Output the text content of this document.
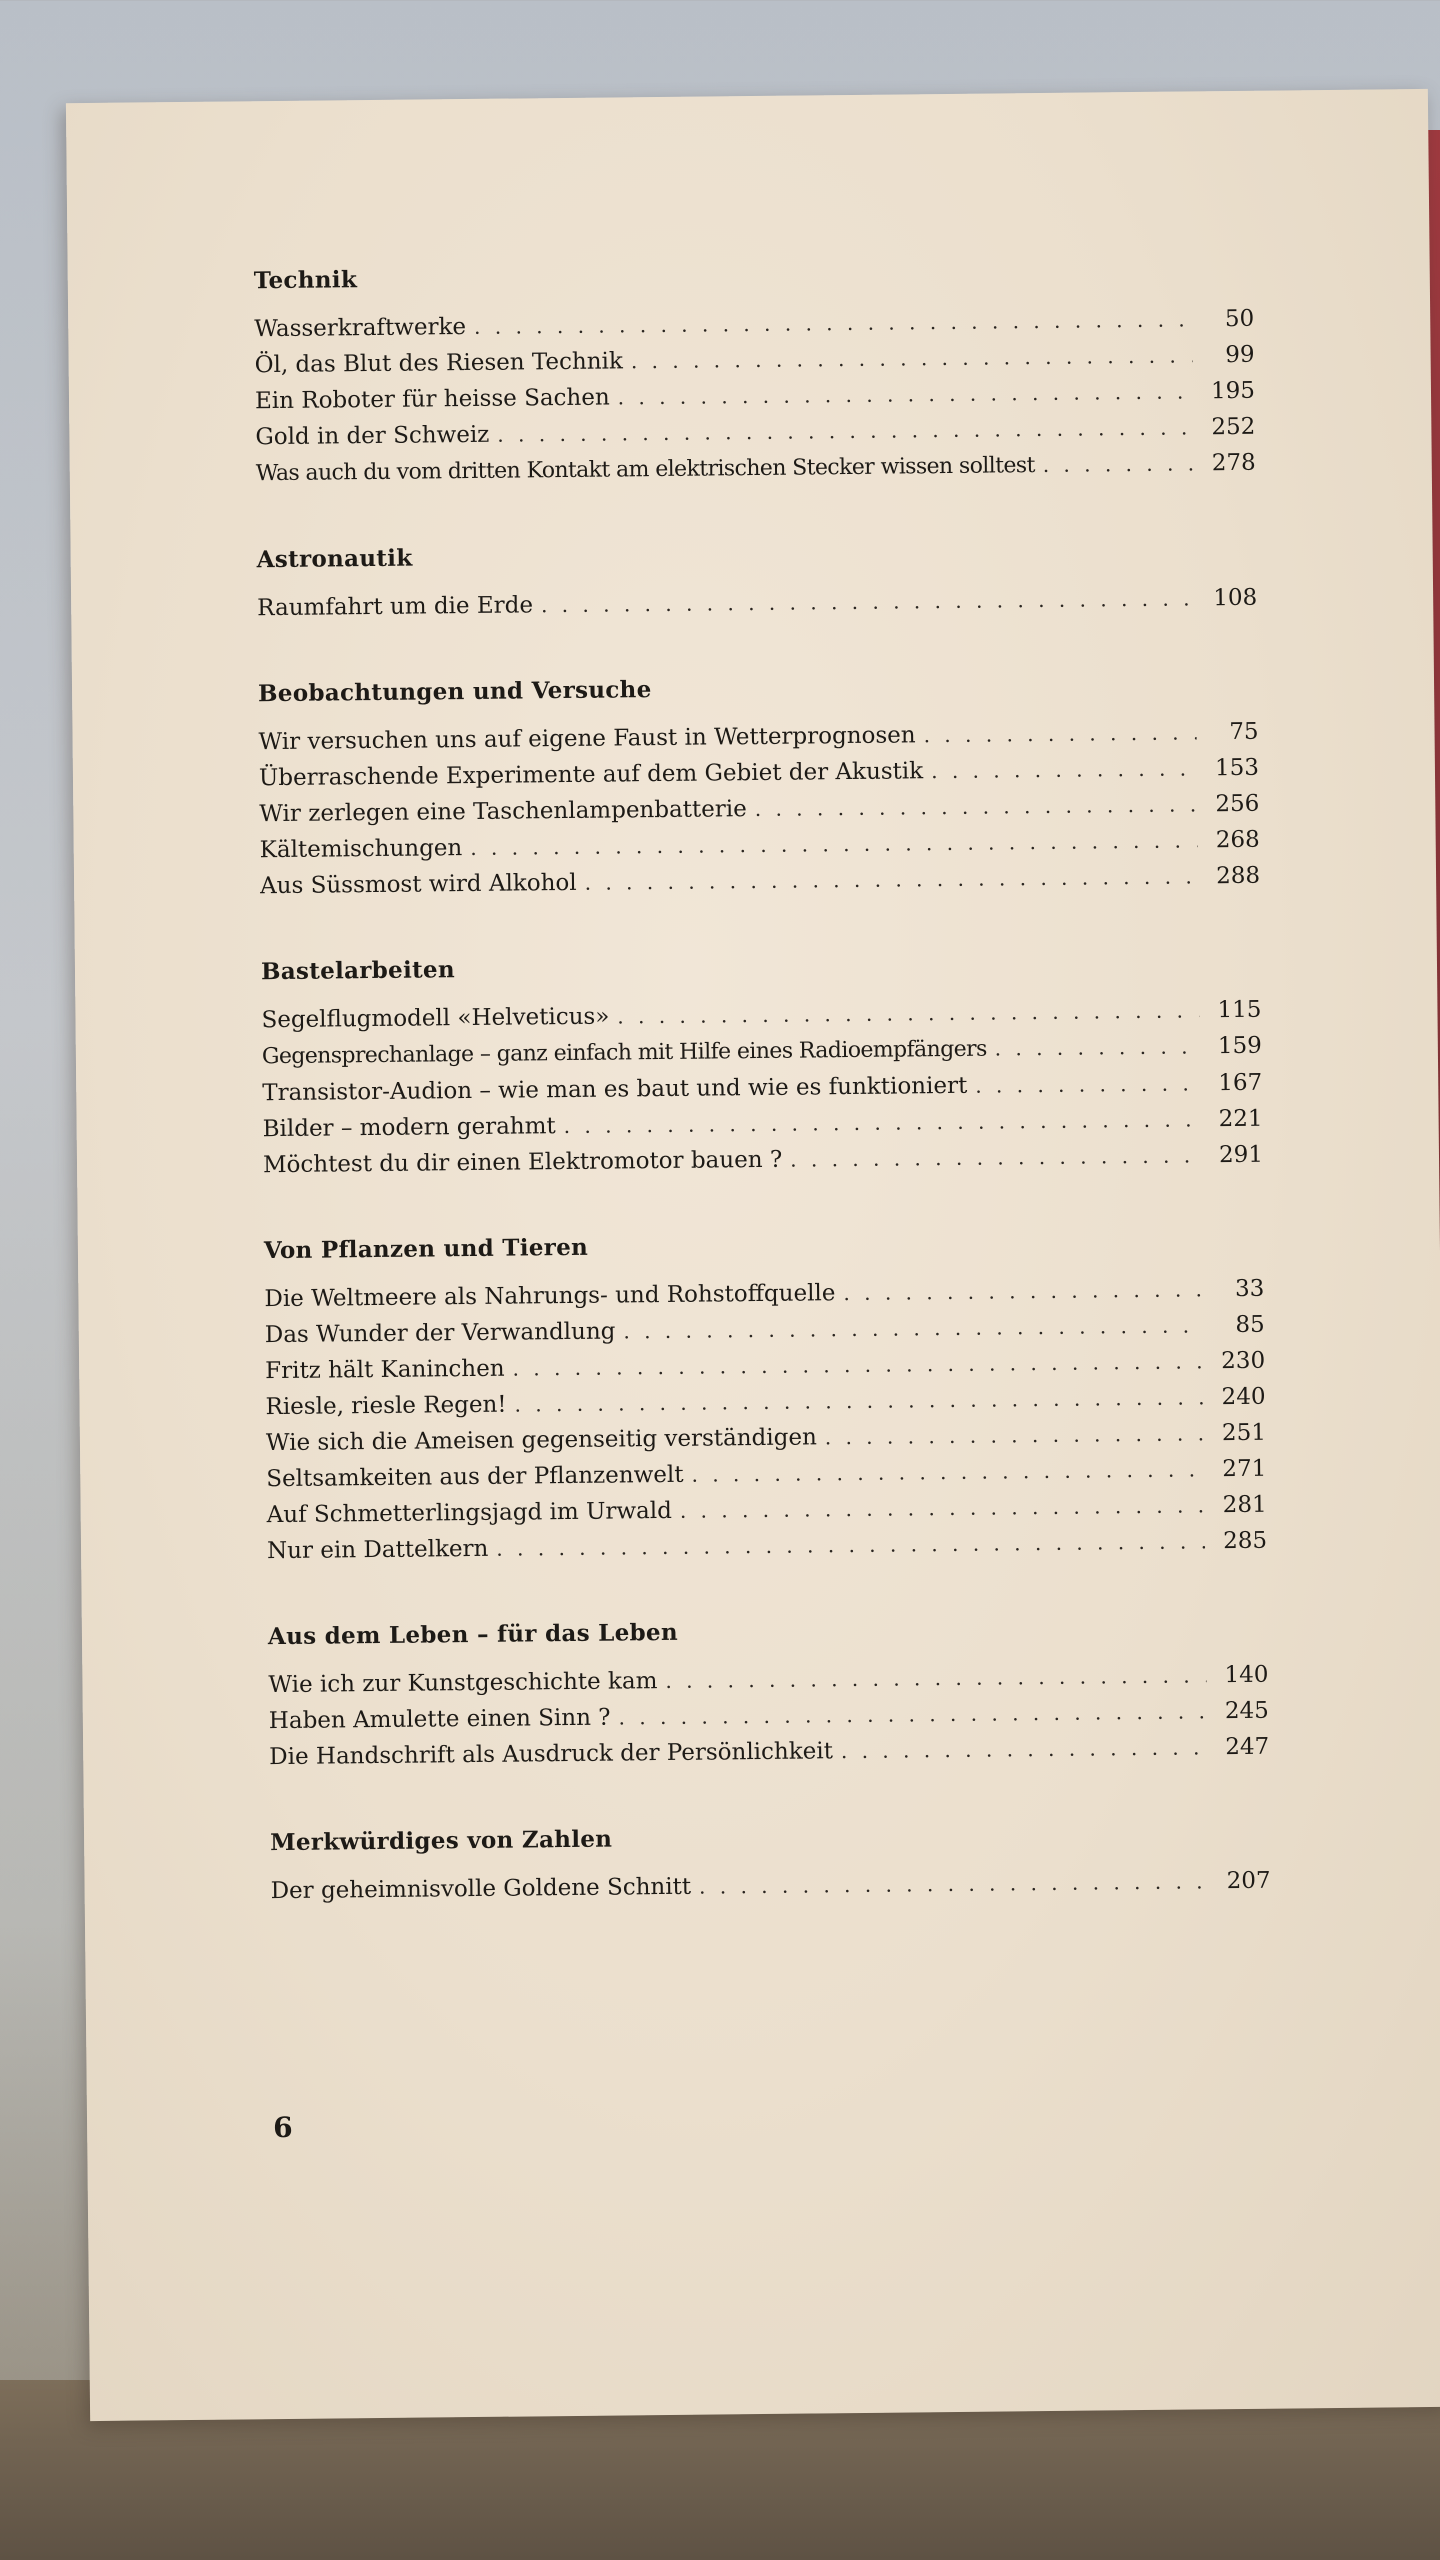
Technik
Wasserkraftwerke . . .	50
Öl, das Blut des Riesen Technik . . .	99
Ein Roboter für heisse Sachen . . .	195
Gold in der Schweiz . . .	252
Was auch du vom dritten Kontakt am elektrischen Stecker wissen solltest . . .	278
Astronautik
Raumfahrt um die Erde . . .	108
Beobachtungen und Versuche
Wir versuchen uns auf eigene Faust in Wetterprognosen . . .	75
Überraschende Experimente auf dem Gebiet der Akustik . . .	153
Wir zerlegen eine Taschenlampenbatterie . . .	256
Kältemischungen . . .	268
Aus Süssmost wird Alkohol . . .	288
Bastelarbeiten
Segelflugmodell «Helveticus» . . .	115
Gegensprechanlage – ganz einfach mit Hilfe eines Radioempfängers . . .	159
Transistor-Audion – wie man es baut und wie es funktioniert . . .	167
Bilder – modern gerahmt . . .	221
Möchtest du dir einen Elektromotor bauen ? . . .	291
Von Pflanzen und Tieren
Die Weltmeere als Nahrungs- und Rohstoffquelle . . .	33
Das Wunder der Verwandlung . . .	85
Fritz hält Kaninchen . . .	230
Riesle, riesle Regen! . . .	240
Wie sich die Ameisen gegenseitig verständigen . . .	251
Seltsamkeiten aus der Pflanzenwelt . . .	271
Auf Schmetterlingsjagd im Urwald . . .	281
Nur ein Dattelkern . . .	285
Aus dem Leben – für das Leben
Wie ich zur Kunstgeschichte kam . . .	140
Haben Amulette einen Sinn ? . . .	245
Die Handschrift als Ausdruck der Persönlichkeit . . .	247
Merkwürdiges von Zahlen
Der geheimnisvolle Goldene Schnitt . . .	207
6
